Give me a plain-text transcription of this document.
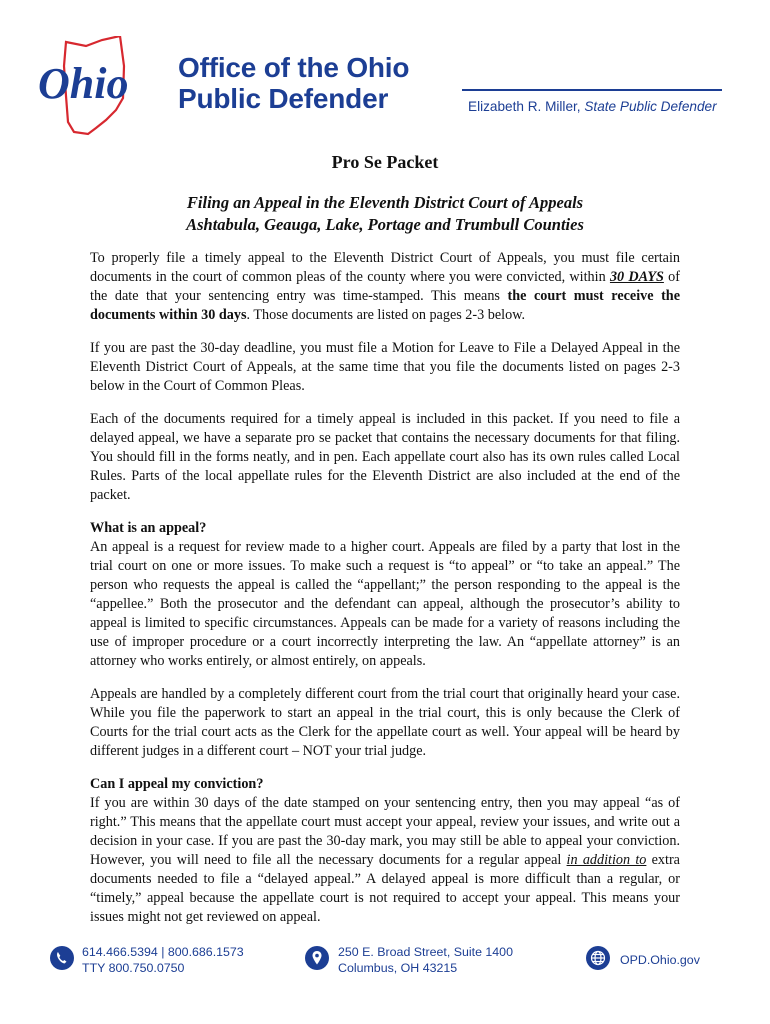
Ohio Office of the Ohio
Public Defender	Elizabeth R. Miller, State Public Defender
Pro Se Packet
Filing an Appeal in the Eleventh District Court of Appeals
Ashtabula, Geauga, Lake, Portage and Trumbull Counties

To properly file a timely appeal to the Eleventh District Court of Appeals, you must file certain documents in the court of common pleas of the county where you were convicted, within 30 DAYS of the date that your sentencing entry was time-stamped. This means the court must receive the documents within 30 days. Those documents are listed on pages 2-3 below.

If you are past the 30-day deadline, you must file a Motion for Leave to File a Delayed Appeal in the Eleventh District Court of Appeals, at the same time that you file the documents listed on pages 2-3 below in the Court of Common Pleas.

Each of the documents required for a timely appeal is included in this packet. If you need to file a delayed appeal, we have a separate pro se packet that contains the necessary documents for that filing. You should fill in the forms neatly, and in pen. Each appellate court also has its own rules called Local Rules. Parts of the local appellate rules for the Eleventh District are also included at the end of the packet.

What is an appeal?

An appeal is a request for review made to a higher court. Appeals are filed by a party that lost in the trial court on one or more issues. To make such a request is “to appeal” or “to take an appeal.” The person who requests the appeal is called the “appellant;” the person responding to the appeal is the “appellee.” Both the prosecutor and the defendant can appeal, although the prosecutor’s ability to appeal is limited to specific circumstances. Appeals can be made for a variety of reasons including the use of improper procedure or a court incorrectly interpreting the law. An “appellate attorney” is an attorney who works entirely, or almost entirely, on appeals.

Appeals are handled by a completely different court from the trial court that originally heard your case. While you file the paperwork to start an appeal in the trial court, this is only because the Clerk of Courts for the trial court acts as the Clerk for the appellate court as well. Your appeal will be heard by different judges in a different court – NOT your trial judge.

Can I appeal my conviction?

If you are within 30 days of the date stamped on your sentencing entry, then you may appeal “as of right.” This means that the appellate court must accept your appeal, review your issues, and write out a decision in your case. If you are past the 30-day mark, you may still be able to appeal your conviction. However, you will need to file all the necessary documents for a regular appeal in addition to extra documents needed to file a “delayed appeal.” A delayed appeal is more difficult than a regular, or “timely,” appeal because the appellate court is not required to accept your appeal. This means your issues might not get reviewed on appeal.

614.466.5394 | 800.686.1573
TTY 800.750.0750
250 E. Broad Street, Suite 1400
Columbus, OH 43215
OPD.Ohio.gov
